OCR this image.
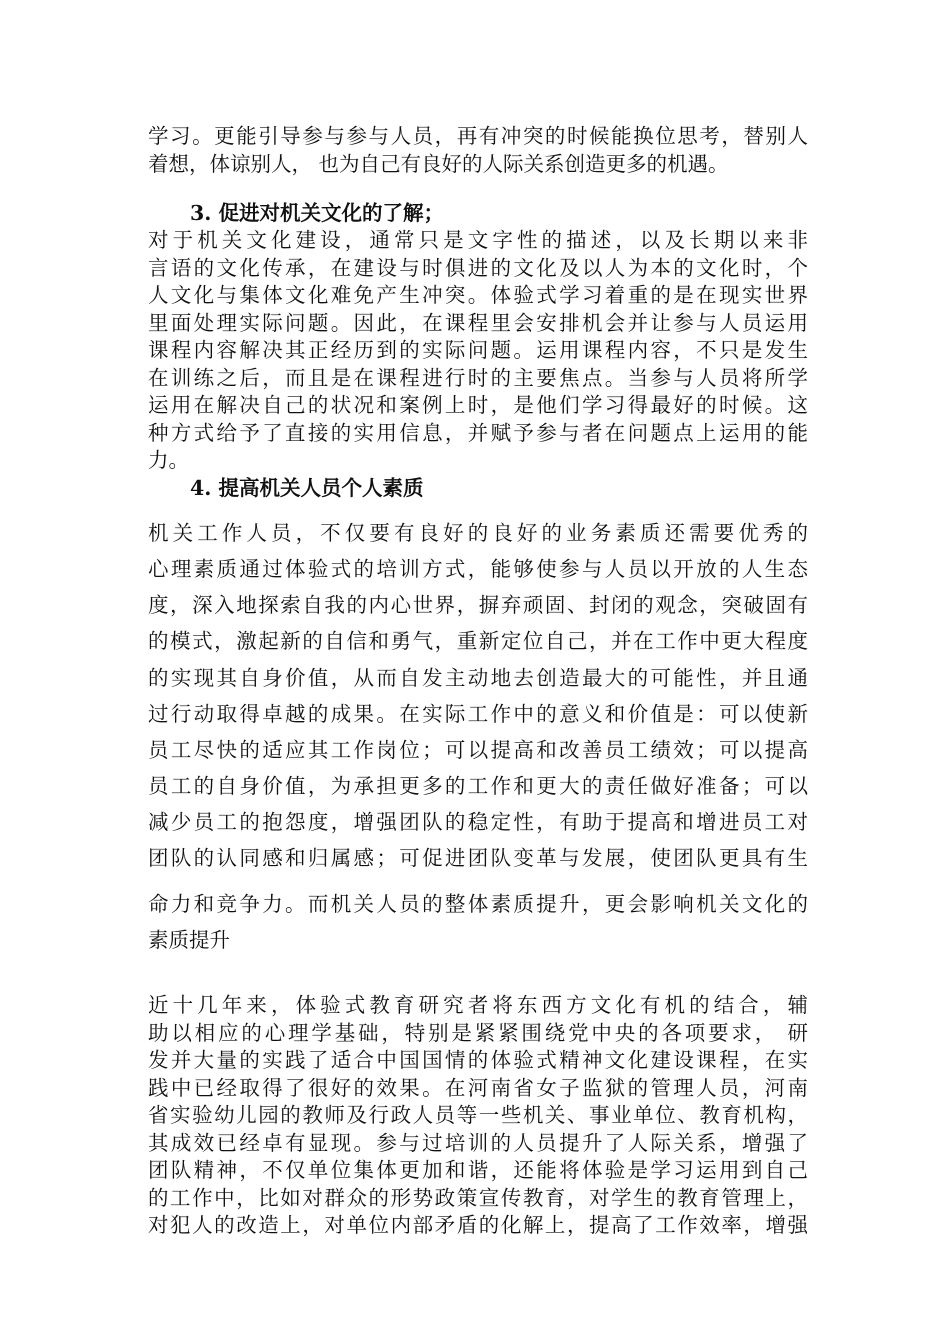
学习。更能引导参与参与人员，再有冲突的时候能换位思考，替别人
着想，体谅别人， 也为自己有良好的人际关系创造更多的机遇。
3. 促进对机关文化的了解；
对于机关文化建设，通常只是文字性的描述，以及长期以来非
言语的文化传承，在建设与时俱进的文化及以人为本的文化时，个
人文化与集体文化难免产生冲突。体验式学习着重的是在现实世界
里面处理实际问题。因此，在课程里会安排机会并让参与人员运用
课程内容解决其正经历到的实际问题。运用课程内容，不只是发生
在训练之后，而且是在课程进行时的主要焦点。当参与人员将所学
运用在解决自己的状况和案例上时，是他们学习得最好的时候。这
种方式给予了直接的实用信息，并赋予参与者在问题点上运用的能
力。
4. 提高机关人员个人素质
机关工作人员，不仅要有良好的良好的业务素质还需要优秀的
心理素质通过体验式的培训方式，能够使参与人员以开放的人生态
度，深入地探索自我的内心世界，摒弃顽固、封闭的观念，突破固有
的模式，激起新的自信和勇气，重新定位自己，并在工作中更大程度
的实现其自身价值，从而自发主动地去创造最大的可能性，并且通
过行动取得卓越的成果。在实际工作中的意义和价值是：可以使新
员工尽快的适应其工作岗位；可以提高和改善员工绩效；可以提高
员工的自身价值，为承担更多的工作和更大的责任做好准备；可以
减少员工的抱怨度，增强团队的稳定性，有助于提高和增进员工对
团队的认同感和归属感；可促进团队变革与发展，使团队更具有生
命力和竞争力。而机关人员的整体素质提升，更会影响机关文化的
素质提升
近十几年来，体验式教育研究者将东西方文化有机的结合，辅
助以相应的心理学基础，特别是紧紧围绕党中央的各项要求， 研
发并大量的实践了适合中国国情的体验式精神文化建设课程，在实
践中已经取得了很好的效果。在河南省女子监狱的管理人员，河南
省实验幼儿园的教师及行政人员等一些机关、事业单位、教育机构，
其成效已经卓有显现。参与过培训的人员提升了人际关系，增强了
团队精神，不仅单位集体更加和谐，还能将体验是学习运用到自己
的工作中，比如对群众的形势政策宣传教育，对学生的教育管理上，
对犯人的改造上，对单位内部矛盾的化解上，提高了工作效率，增强
